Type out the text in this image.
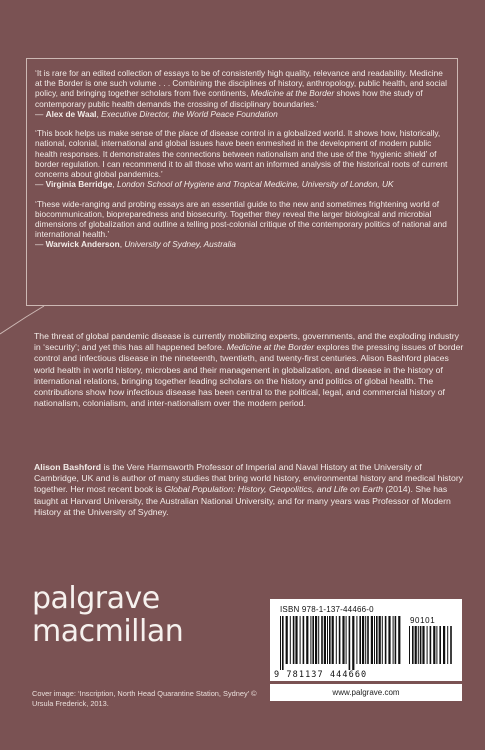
‘It is rare for an edited collection of essays to be of consistently high quality, relevance and readability. Medicine at the Border is one such volume . . . Combining the disciplines of history, anthropology, public health, and social policy, and bringing together scholars from five continents, Medicine at the Border shows how the study of contemporary public health demands the crossing of disciplinary boundaries.’

— Alex de Waal, Executive Director, the World Peace Foundation

‘This book helps us make sense of the place of disease control in a globalized world. It shows how, historically, national, colonial, international and global issues have been enmeshed in the development of modern public health responses. It demonstrates the connections between nationalism and the use of the ‘hygienic shield’ of border regulation. I can recommend it to all those who want an informed analysis of the historical roots of current concerns about global pandemics.’

— Virginia Berridge, London School of Hygiene and Tropical Medicine, University of London, UK

‘These wide-ranging and probing essays are an essential guide to the new and sometimes frightening world of biocommunication, biopreparedness and biosecurity. Together they reveal the larger biological and microbial dimensions of globalization and outline a telling post-colonial critique of the contemporary politics of national and international health.’

— Warwick Anderson, University of Sydney, Australia
The threat of global pandemic disease is currently mobilizing experts, governments, and the exploding industry in ‘security’; and yet this has all happened before. Medicine at the Border explores the pressing issues of border control and infectious disease in the nineteenth, twentieth, and twenty-first centuries. Alison Bashford places world health in world history, microbes and their management in globalization, and disease in the history of international relations, bringing together leading scholars on the history and politics of global health. The contributions show how infectious disease has been central to the political, legal, and commercial history of nationalism, colonialism, and inter-nationalism over the modern period.
Alison Bashford is the Vere Harmsworth Professor of Imperial and Naval History at the University of Cambridge, UK and is author of many studies that bring world history, environmental history and medical history together. Her most recent book is Global Population: History, Geopolitics, and Life on Earth (2014). She has taught at Harvard University, the Australian National University, and for many years was Professor of Modern History at the University of Sydney.
palgrave
macmillan
Cover image: ‘Inscription, North Head Quarantine Station, Sydney’ © Ursula Frederick, 2013.
ISBN 978-1-137-44466-0
90101
9 781137 444660
www.palgrave.com
